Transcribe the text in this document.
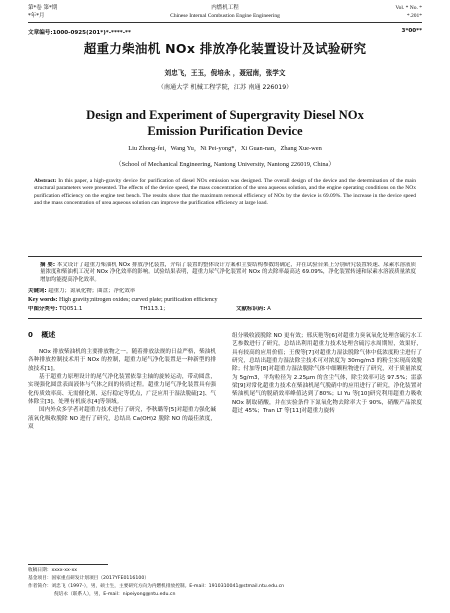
第*卷 第*期
*年*月
内燃机工程
Chinese Internal Combustion Engine Engineering
Vol. * No. *
*.201*
文章编号:1000-0925(201*)*-****-**	3*00**
超重力柴油机 NOx 排放净化装置设计及试验研究
刘忠飞，王玉，倪培永 ，聂冠南，张学文
（南通大学 机械工程学院，江苏 南通 226019）
Design and Experiment of Supergravity Diesel NOx
Emission Purification Device
Liu Zhong-fei，Wang Yu，Ni Pei-yong*，Xi Guan-nan，Zhang Xue-wen
（School of Mechanical Engineering, Nantong University, Nantong 226019, China）
Abstract: In this paper, a high-gravity device for purification of diesel NOx emission was designed. The overall design of the device and the determination of the main structural parameters were presented. The effects of the device speed, the mass concentration of the urea aqueous solution, and the engine operating conditions on the NOx purification efficiency on the engine test bench. The results show that the maximum removal efficiency of NOx by the device is 69.09%. The increase in the device speed and the mass concentration of urea aqueous solution can improve the purification efficiency at large load.
摘 要: 本文设计了超重力柴油机 NOx 排放净化装置，介绍了装置的整体设计方案和主要结构参数的确定，并在试验台架上分别研究装置转速、尿素水溶液质量浓度和柴油机工况对 NOx 净化效率的影响。试验结果表明，超重力尿气净化装置对 NOx 的去除率最高达 69.09%，净化装置转速和尿素水溶液质量浓度增加均能提高净化效率。
关键词: 超重力；氮氧化物；曲盘；净化效率
Key words: High gravity;nitrogen oxides; curved plate; purification efficiency
中图分类号: TQ051.1	TH113.1；	文献标识码: A
0 概述

NOx 排放柴油机的主要排放物之一。随着排放法规的日益严格，柴油机各种排放控制技术用于 NOx 的控制，超重力尾气净化装置是一种新型的排放技术[1]。

基于超重力原理设计的尾气净化装置依靠主轴的旋转运动，带动圆盘，实现强化圆盘表面液体与气体之间的传质过程。超重力尾气净化装置具有强化传质效率高、无需催化剂、运行稳定等优点，广泛应用于湿法脱硫[2]、气体除尘[3]、处理有机废水[4]等领域。

国内外众多学者对超重力技术进行了研究，李秋璐等[5]对超重力强化碱液氧化吸收脱除 NO 进行了研究，总结出 Ca(OH)2 脱除 NO 的最佳浓度，双

组分吸收液脱除 NO 更有效；邢庆艳等[6]对超重力臭氧氧化处理含硫污水工艺参数进行了研究，总结出利用超重力技术处理含硫污水周期短，效果好，具有较高的应用价值；王俊等[7]对超重力湿法脱除气体中低浓度粉尘进行了研究，总结出超重力湿法除尘技术可对浓度为 30mg/m3 的粉尘实现高效脱除；付加等[8]对超重力湿法脱除气体中细颗粒物进行了研究，对于质量浓度为 5g/m3，平均粒径为 2.25μm 的含尘气体，除尘效率可达 97.5%；雷嘉梁[9]对常化超重力技术在柴油机尾气脱硝中的应用进行了研究，净化装置对柴油机尾气的脱硝效率峰值达到了80%；LI Yu 等[10]研究利用超重力吸收 NOx 制取硝酸，并在实验条件下氮氧化物去除率大于 90%，硝酸产品浓度超过 45%；Tran LT 等[11]对超重力旋转

收稿日期：xxxx-xx-xx
基金项目：国家重点研发计划项目（2017YFE0116100）
作者简介：刘忠飞（1997-），男，硕士生，主要研究方向为内燃机排放控制。E-mail：1910310041@stmail.ntu.edu.cn
倪培永（联系人），男，E-mail：nipeiyong@ntu.edu.cn
